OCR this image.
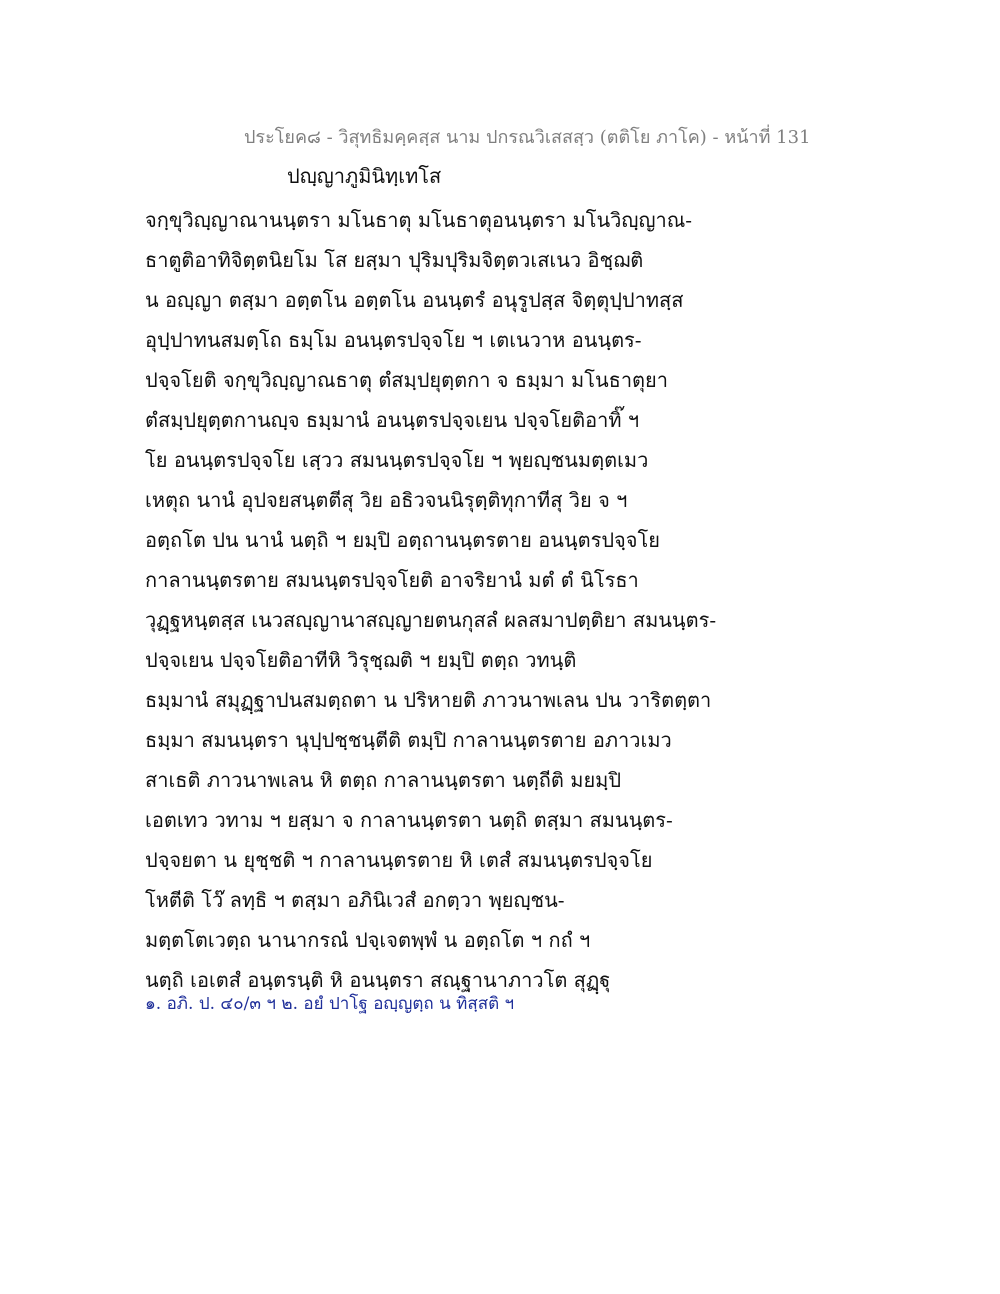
ประโยค๘ - วิสุทธิมคฺคสฺส นาม ปกรณวิเสสสฺว (ตติโย ภาโค) - หน้าที่ 131
ปญฺญาภูมินิทฺเทโส
จกฺขุวิญฺญาณานนฺตรา มโนธาตุ มโนธาตุอนนฺตรา มโนวิญฺญาณ-
ธาตูติอาทิจิตฺตนิยโม โส ยสฺมา ปุริมปุริมจิตฺตวเสเนว อิชฺฌติ
น อญฺญา ตสฺมา อตฺตโน อตฺตโน อนนฺตรํ อนุรูปสฺส จิตฺตุปฺปาทสฺส
อุปฺปาทนสมตฺโถ ธมฺโม อนนฺตรปจฺจโย ฯ เตเนวาห อนนฺตร-
ปจฺจโยติ จกฺขุวิญฺญาณธาตุ ตํสมฺปยุตฺตกา จ ธมฺมา มโนธาตุยา
ตํสมฺปยุตฺตกานญฺจ ธมฺมานํ อนนฺตรปจฺจเยน ปจฺจโยติอาทิ๊ ฯ
โย อนนฺตรปจฺจโย เสฺวว สมนนฺตรปจฺจโย ฯ พฺยญฺชนมตฺตเมว
เหตุถ นานํ อุปจยสนฺตตีสุ วิย อธิวจนนิรุตฺติทุกาทีสุ วิย จ ฯ
อตฺถโต ปน นานํ นตฺถิ ฯ ยมฺปิ อตฺถานนฺตรตาย อนนฺตรปจฺจโย
กาลานนฺตรตาย สมนนฺตรปจฺจโยติ อาจริยานํ มตํ ตํ นิโรธา
วุฏฺฐหนฺตสฺส เนวสญฺญานาสญฺญายตนกุสลํ ผลสมาปตฺติยา สมนนฺตร-
ปจฺจเยน ปจฺจโยติอาทีหิ วิรุชฺฌติ ฯ ยมฺปิ ตตฺถ วทนฺติ
ธมฺมานํ สมุฏฺฐาปนสมตฺถตา น ปริหายติ ภาวนาพเลน ปน วาริตตฺตา
ธมฺมา สมนนฺตรา นุปฺปชฺชนฺตีติ ตมฺปิ กาลานนฺตรตาย อภาวเมว
สาเธติ ภาวนาพเลน หิ ตตฺถ กาลานนฺตรตา นตฺถีติ มยมฺปิ
เอตเทว วทาม ฯ ยสฺมา จ กาลานนฺตรตา นตฺถิ ตสฺมา สมนนฺตร-
ปจฺจยตา น ยุชฺชติ ฯ กาลานนฺตรตาย หิ เตสํ สมนนฺตรปจฺจโย
โหตีติ โว๊ ลทฺธิ ฯ ตสฺมา อภินิเวสํ อกตฺวา พฺยญฺชน-
มตฺตโตเวตฺถ นานากรณํ ปจฺเจตพฺพํ น อตฺถโต ฯ กถํ ฯ
นตฺถิ เอเตสํ อนฺตรนฺติ หิ อนนฺตรา สณฺฐานาภาวโต สุฏฺฐุ
๑. อภิ. ป. ๔๐/๓ ฯ ๒. อยํ ปาโฐ อญฺญตฺถ น ทิสฺสติ ฯ
